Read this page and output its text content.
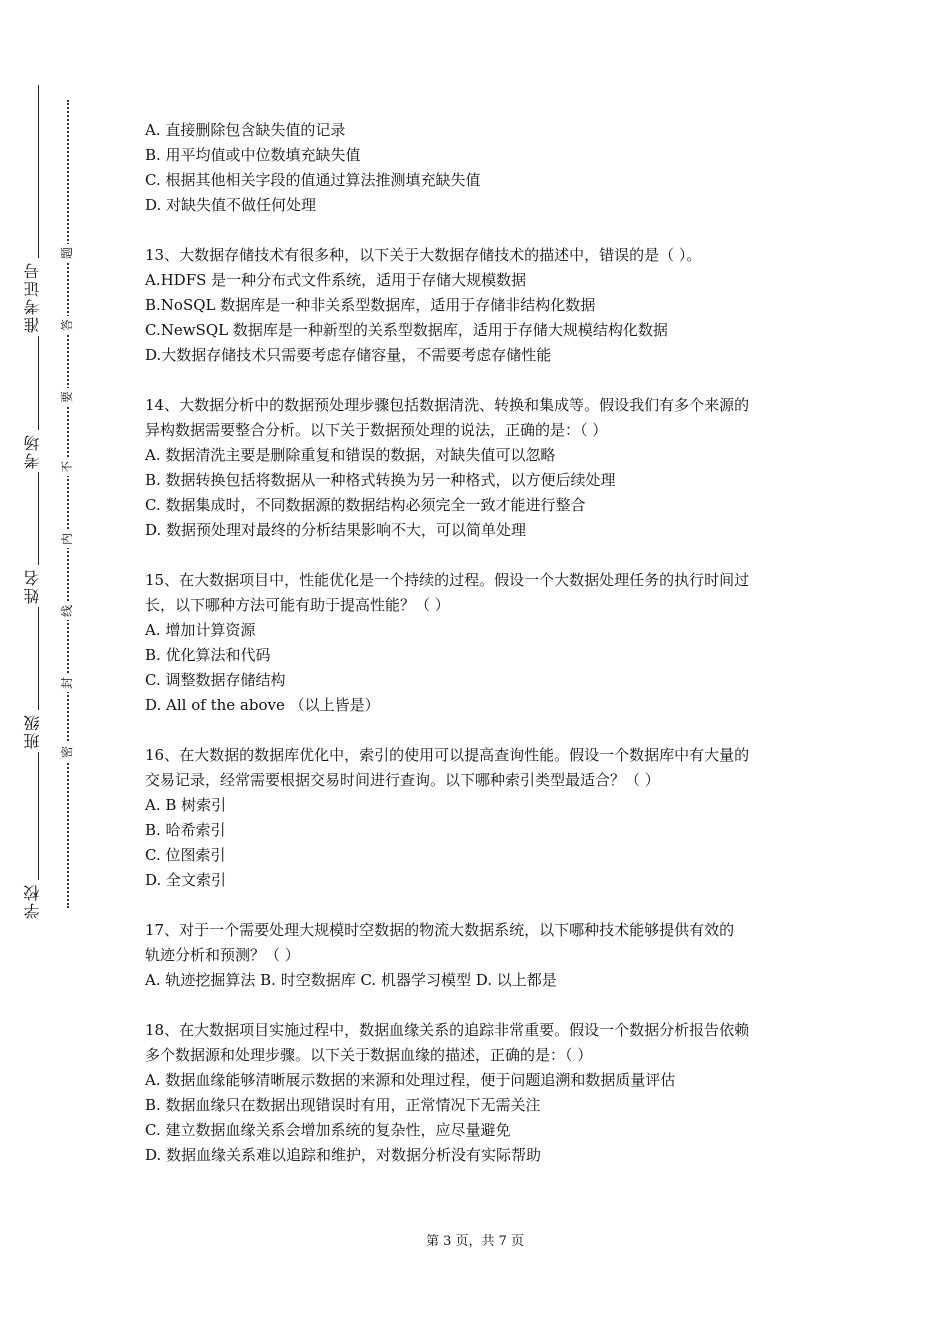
学校
班级
姓名
考场
准考证号
密
封
线
内
不
要
答
题

A. 直接删除包含缺失值的记录

B. 用平均值或中位数填充缺失值

C. 根据其他相关字段的值通过算法推测填充缺失值

D. 对缺失值不做任何处理

13、大数据存储技术有很多种，以下关于大数据存储技术的描述中，错误的是（ ）。

A.HDFS 是一种分布式文件系统，适用于存储大规模数据

B.NoSQL 数据库是一种非关系型数据库，适用于存储非结构化数据

C.NewSQL 数据库是一种新型的关系型数据库，适用于存储大规模结构化数据

D.大数据存储技术只需要考虑存储容量，不需要考虑存储性能

14、大数据分析中的数据预处理步骤包括数据清洗、转换和集成等。假设我们有多个来源的

异构数据需要整合分析。以下关于数据预处理的说法，正确的是：（ ）

A. 数据清洗主要是删除重复和错误的数据，对缺失值可以忽略

B. 数据转换包括将数据从一种格式转换为另一种格式，以方便后续处理

C. 数据集成时，不同数据源的数据结构必须完全一致才能进行整合

D. 数据预处理对最终的分析结果影响不大，可以简单处理

15、在大数据项目中，性能优化是一个持续的过程。假设一个大数据处理任务的执行时间过

长，以下哪种方法可能有助于提高性能？（ ）

A. 增加计算资源

B. 优化算法和代码

C. 调整数据存储结构

D. All of the above （以上皆是）

16、在大数据的数据库优化中，索引的使用可以提高查询性能。假设一个数据库中有大量的

交易记录，经常需要根据交易时间进行查询。以下哪种索引类型最适合？（ ）

A. B 树索引

B. 哈希索引

C. 位图索引

D. 全文索引

17、对于一个需要处理大规模时空数据的物流大数据系统，以下哪种技术能够提供有效的

轨迹分析和预测？（ ）

A. 轨迹挖掘算法 B. 时空数据库 C. 机器学习模型 D. 以上都是

18、在大数据项目实施过程中，数据血缘关系的追踪非常重要。假设一个数据分析报告依赖

多个数据源和处理步骤。以下关于数据血缘的描述，正确的是：（ ）

A. 数据血缘能够清晰展示数据的来源和处理过程，便于问题追溯和数据质量评估

B. 数据血缘只在数据出现错误时有用，正常情况下无需关注

C. 建立数据血缘关系会增加系统的复杂性，应尽量避免

D. 数据血缘关系难以追踪和维护，对数据分析没有实际帮助

第 3 页，共 7 页
